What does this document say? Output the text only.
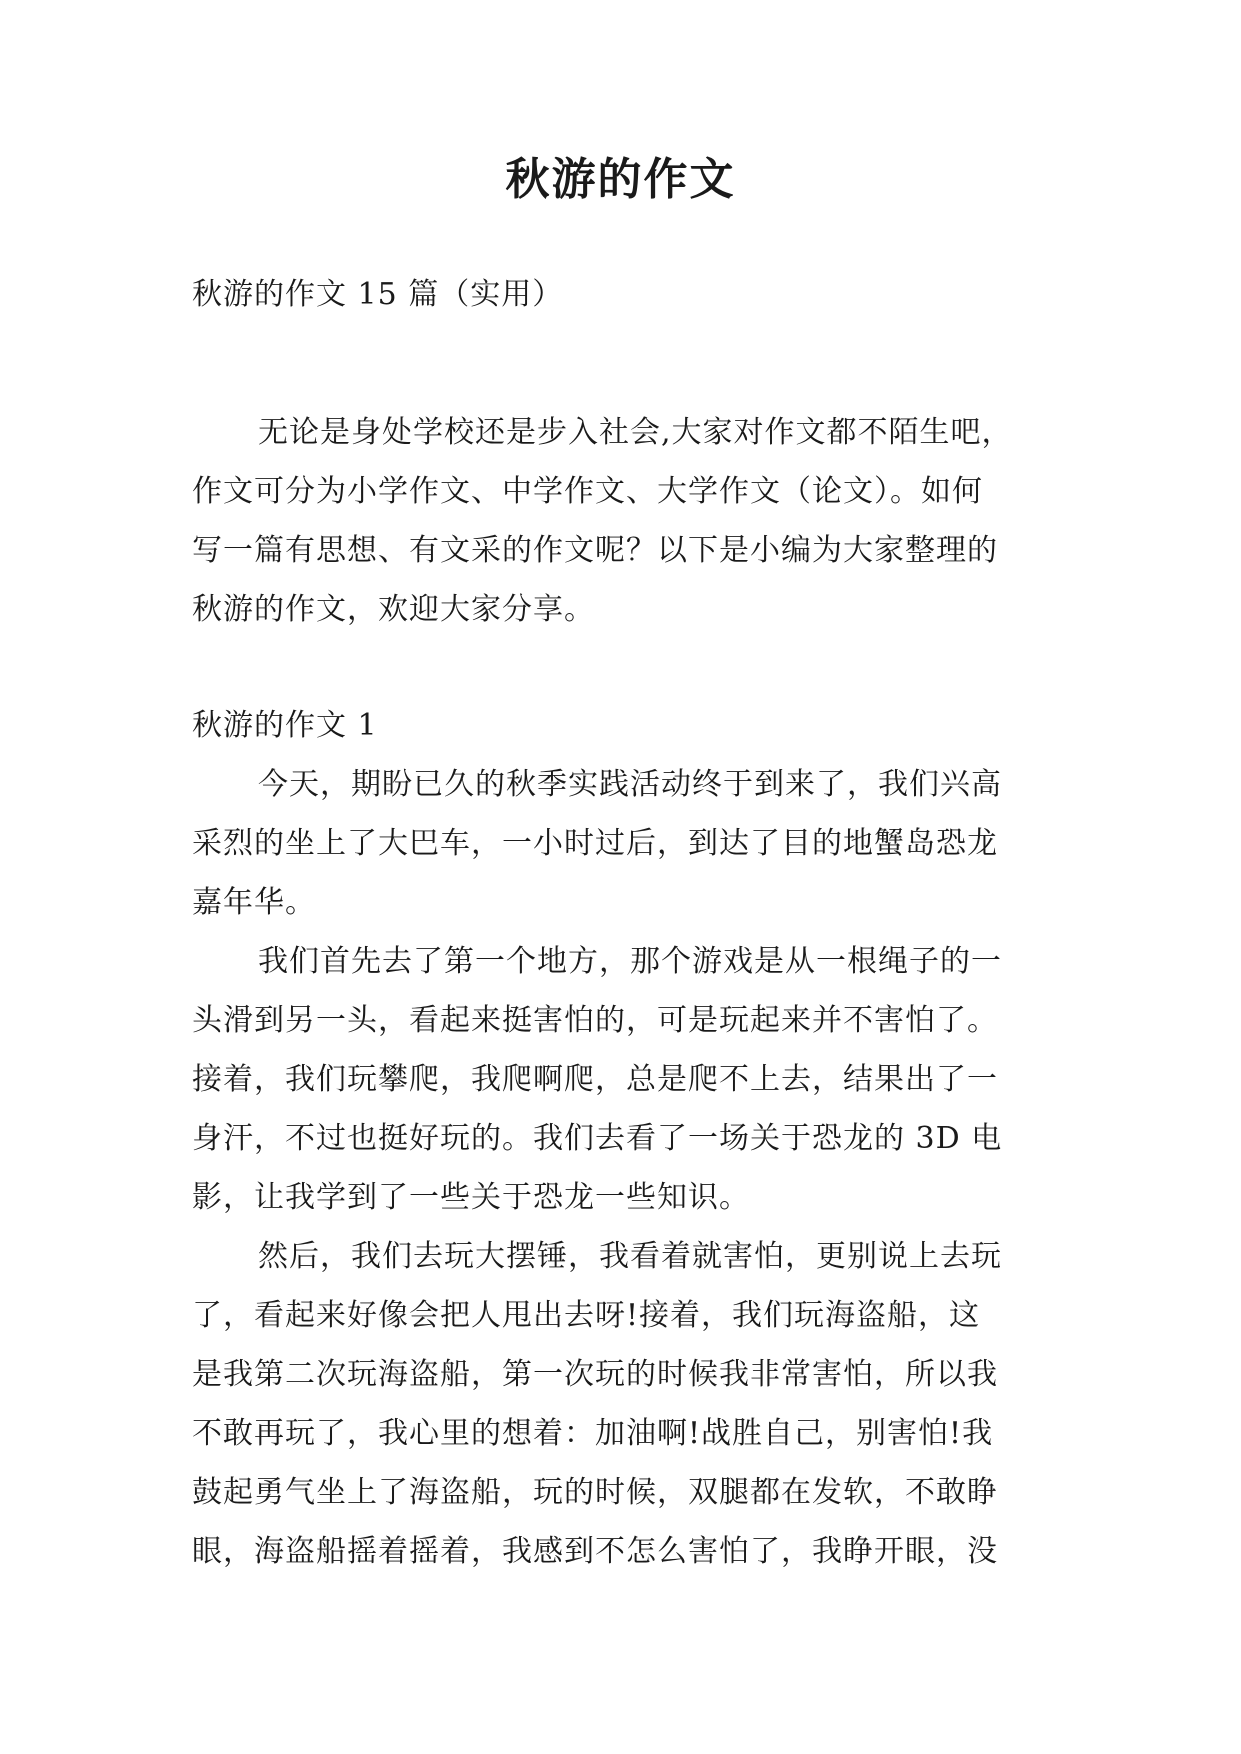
秋游的作文
秋游的作文 15 篇（实用）
无论是身处学校还是步入社会,大家对作文都不陌生吧，
作文可分为小学作文、中学作文、大学作文（论文）。如何
写一篇有思想、有文采的作文呢？以下是小编为大家整理的
秋游的作文，欢迎大家分享。
秋游的作文 1
今天，期盼已久的秋季实践活动终于到来了，我们兴高
采烈的坐上了大巴车，一小时过后，到达了目的地蟹岛恐龙
嘉年华。
我们首先去了第一个地方，那个游戏是从一根绳子的一
头滑到另一头，看起来挺害怕的，可是玩起来并不害怕了。
接着，我们玩攀爬，我爬啊爬，总是爬不上去，结果出了一
身汗，不过也挺好玩的。我们去看了一场关于恐龙的 3D 电
影，让我学到了一些关于恐龙一些知识。
然后，我们去玩大摆锤，我看着就害怕，更别说上去玩
了，看起来好像会把人甩出去呀!接着，我们玩海盗船，这
是我第二次玩海盗船，第一次玩的时候我非常害怕，所以我
不敢再玩了，我心里的想着：加油啊!战胜自己，别害怕!我
鼓起勇气坐上了海盗船，玩的时候，双腿都在发软，不敢睁
眼，海盗船摇着摇着，我感到不怎么害怕了，我睁开眼，没
